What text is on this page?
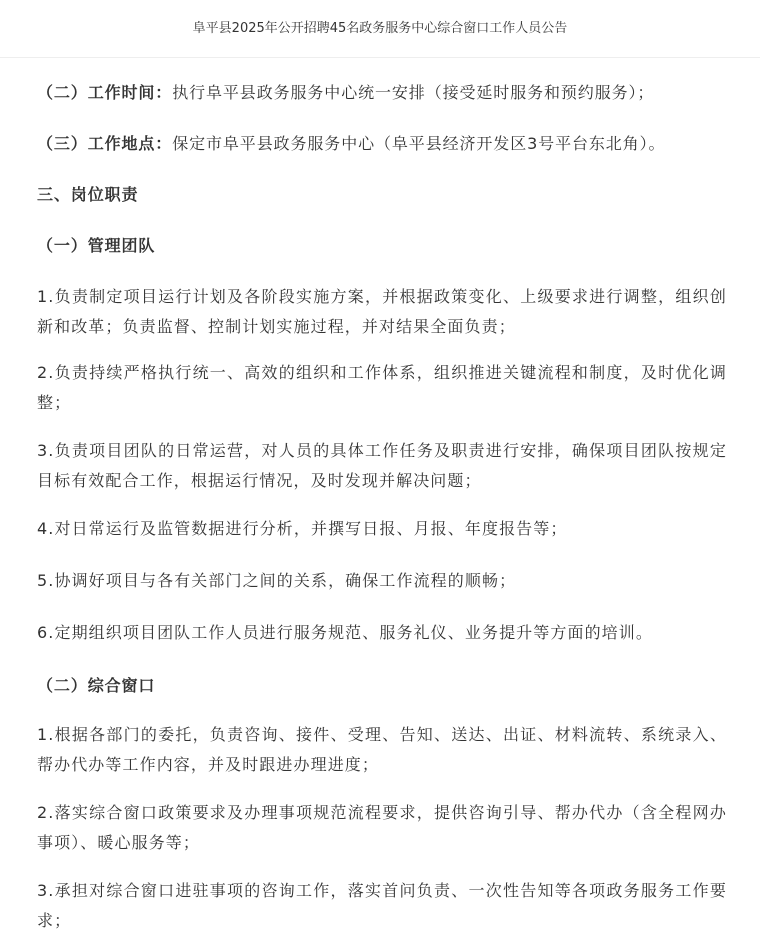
阜平县2025年公开招聘45名政务服务中心综合窗口工作人员公告
（二）工作时间：执行阜平县政务服务中心统一安排（接受延时服务和预约服务）；
（三）工作地点：保定市阜平县政务服务中心（阜平县经济开发区3号平台东北角）。
三、岗位职责
（一）管理团队
1.负责制定项目运行计划及各阶段实施方案，并根据政策变化、上级要求进行调整，组织创新和改革；负责监督、控制计划实施过程，并对结果全面负责；
2.负责持续严格执行统一、高效的组织和工作体系，组织推进关键流程和制度，及时优化调整；
3.负责项目团队的日常运营，对人员的具体工作任务及职责进行安排，确保项目团队按规定目标有效配合工作，根据运行情况，及时发现并解决问题；
4.对日常运行及监管数据进行分析，并撰写日报、月报、年度报告等；
5.协调好项目与各有关部门之间的关系，确保工作流程的顺畅；
6.定期组织项目团队工作人员进行服务规范、服务礼仪、业务提升等方面的培训。
（二）综合窗口
1.根据各部门的委托，负责咨询、接件、受理、告知、送达、出证、材料流转、系统录入、帮办代办等工作内容，并及时跟进办理进度；
2.落实综合窗口政策要求及办理事项规范流程要求，提供咨询引导、帮办代办（含全程网办事项）、暖心服务等；
3.承担对综合窗口进驻事项的咨询工作，落实首问负责、一次性告知等各项政务服务工作要求；
